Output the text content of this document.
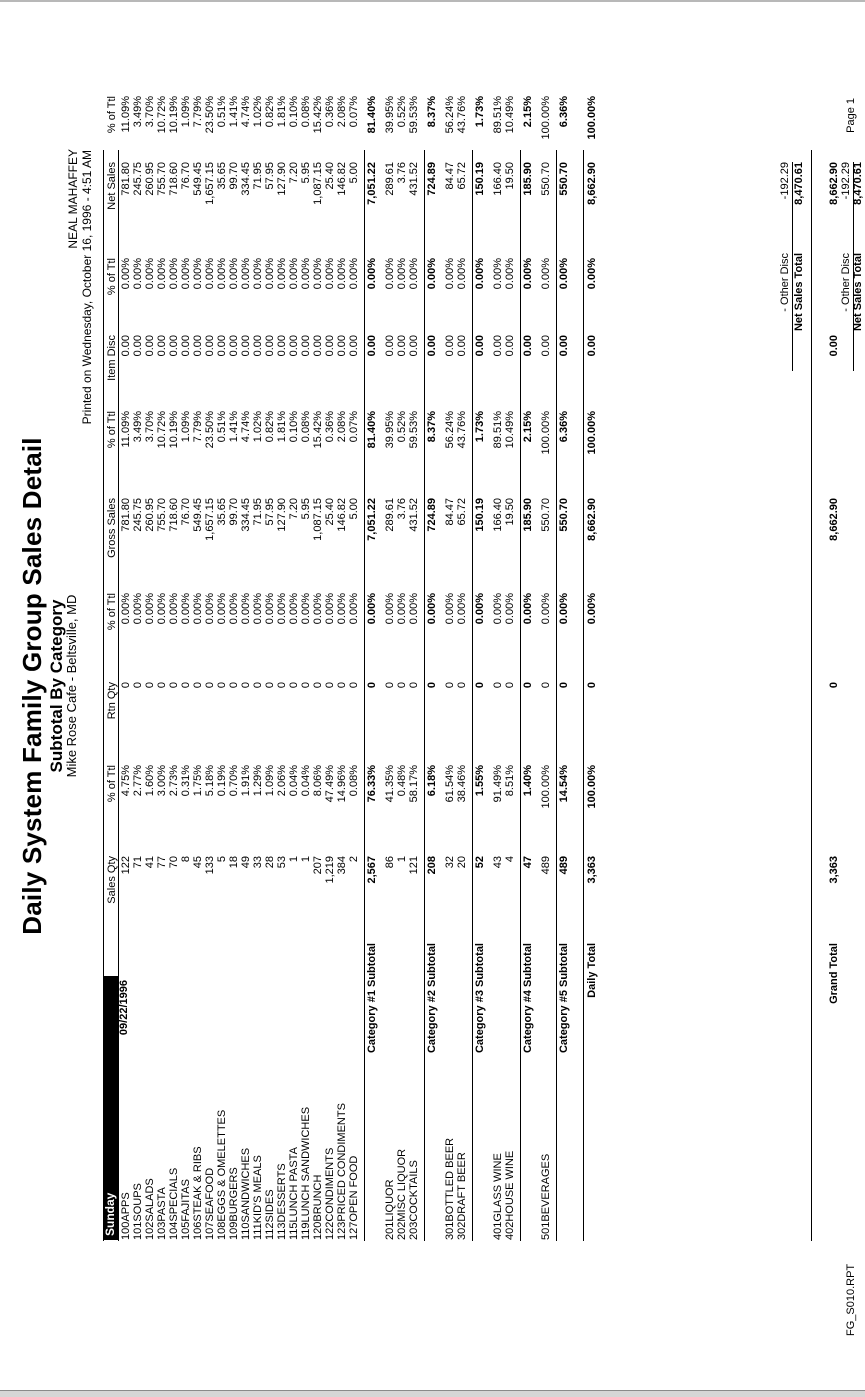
Daily System Family Group Sales Detail Subtotal By Category
Mike Rose Cafe - Beltsville, MD
NEAL MAHAFFEY Printed on Wednesday, October 16, 1996 - 4:51 AM
Sunday
09/22/1996
Sales Qty
% of Ttl
Rtn Qty
% of Ttl
Gross Sales
% of Ttl
Item Disc
% of Ttl
Net Sales
% of Ttl
100APPS
122
4.75%
0
0.00%
781.80
11.09%
0.00
0.00%
781.80
11.09%
101SOUPS
71
2.77%
0
0.00%
245.75
3.49%
0.00
0.00%
245.75
3.49%
102SALADS
41
1.60%
0
0.00%
260.95
3.70%
0.00
0.00%
260.95
3.70%
103PASTA
77
3.00%
0
0.00%
755.70
10.72%
0.00
0.00%
755.70
10.72%
104SPECIALS
70
2.73%
0
0.00%
718.60
10.19%
0.00
0.00%
718.60
10.19%
105FAJITAS
8
0.31%
0
0.00%
76.70
1.09%
0.00
0.00%
76.70
1.09%
106STEAK & RIBS
45
1.75%
0
0.00%
549.45
7.79%
0.00
0.00%
549.45
7.79%
107SEAFOOD
133
5.18%
0
0.00%
1,657.15
23.50%
0.00
0.00%
1,657.15
23.50%
108EGGS & OMELETTES
5
0.19%
0
0.00%
35.65
0.51%
0.00
0.00%
35.65
0.51%
109BURGERS
18
0.70%
0
0.00%
99.70
1.41%
0.00
0.00%
99.70
1.41%
110SANDWICHES
49
1.91%
0
0.00%
334.45
4.74%
0.00
0.00%
334.45
4.74%
111KID'S MEALS
33
1.29%
0
0.00%
71.95
1.02%
0.00
0.00%
71.95
1.02%
112SIDES
28
1.09%
0
0.00%
57.95
0.82%
0.00
0.00%
57.95
0.82%
113DESSERTS
53
2.06%
0
0.00%
127.90
1.81%
0.00
0.00%
127.90
1.81%
115LUNCH PASTA
1
0.04%
0
0.00%
7.20
0.10%
0.00
0.00%
7.20
0.10%
119LUNCH SANDWICHES
1
0.04%
0
0.00%
5.95
0.08%
0.00
0.00%
5.95
0.08%
120BRUNCH
207
8.06%
0
0.00%
1,087.15
15.42%
0.00
0.00%
1,087.15
15.42%
122CONDIMENTS
1,219
47.49%
0
0.00%
25.40
0.36%
0.00
0.00%
25.40
0.36%
123PRICED CONDIMENTS
384
14.96%
0
0.00%
146.82
2.08%
0.00
0.00%
146.82
2.08%
127OPEN FOOD
2
0.08%
0
0.00%
5.00
0.07%
0.00
0.00%
5.00
0.07%
Category #1 Subtotal
2,567
76.33%
0
0.00%
7,051.22
81.40%
0.00
0.00%
7,051.22
81.40%
201LIQUOR
86
41.35%
0
0.00%
289.61
39.95%
0.00
0.00%
289.61
39.95%
202MISC LIQUOR
1
0.48%
0
0.00%
3.76
0.52%
0.00
0.00%
3.76
0.52%
203COCKTAILS
121
58.17%
0
0.00%
431.52
59.53%
0.00
0.00%
431.52
59.53%
Category #2 Subtotal
208
6.18%
0
0.00%
724.89
8.37%
0.00
0.00%
724.89
8.37%
301BOTTLED BEER
32
61.54%
0
0.00%
84.47
56.24%
0.00
0.00%
84.47
56.24%
302DRAFT BEER
20
38.46%
0
0.00%
65.72
43.76%
0.00
0.00%
65.72
43.76%
Category #3 Subtotal
52
1.55%
0
0.00%
150.19
1.73%
0.00
0.00%
150.19
1.73%
401GLASS WINE
43
91.49%
0
0.00%
166.40
89.51%
0.00
0.00%
166.40
89.51%
402HOUSE WINE
4
8.51%
0
0.00%
19.50
10.49%
0.00
0.00%
19.50
10.49%
Category #4 Subtotal
47
1.40%
0
0.00%
185.90
2.15%
0.00
0.00%
185.90
2.15%
501BEVERAGES
489
100.00%
0
0.00%
550.70
100.00%
0.00
0.00%
550.70
100.00%
Category #5 Subtotal
489
14.54%
0
0.00%
550.70
6.36%
0.00
0.00%
550.70
6.36%
Daily Total
3,363
100.00%
0
0.00%
8,662.90
100.00%
0.00
0.00%
8,662.90
100.00%
-192.29
- Other Disc
8,470.61
Net Sales Total
Grand Total
3,363
0
8,662.90
0.00
8,662.90 -192.29
- Other Disc
8,470.61
Net Sales Total
FG_S010.RPT
Page 1
